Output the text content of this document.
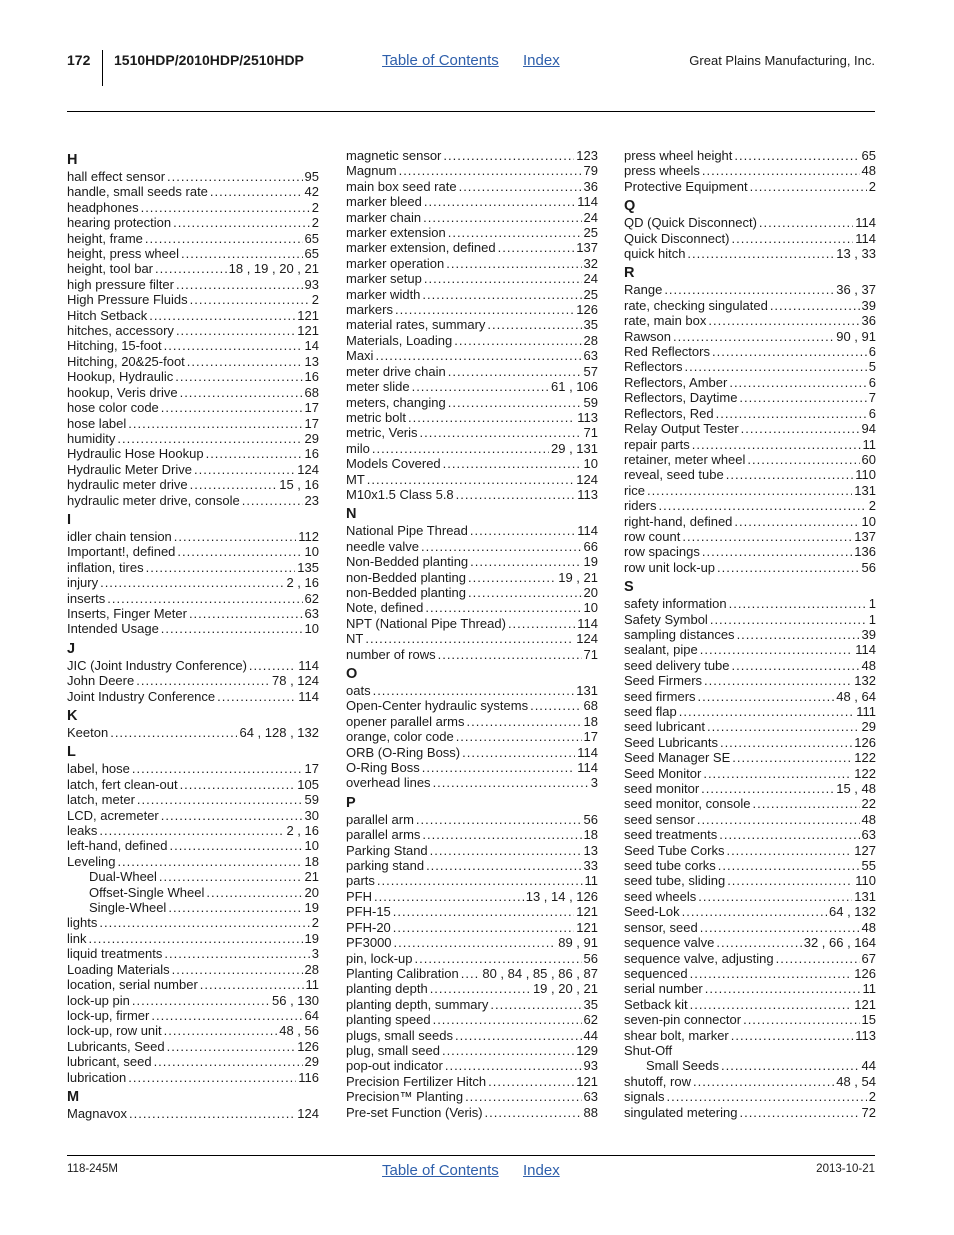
172 1510HDP/2010HDP/2510HDP	Table of Contents Index	Great Plains Manufacturing, Inc.
H
hall effect sensor .....	95
handle, small seeds rate .....	42
headphones .....	2
hearing protection .....	2
height, frame .....	65
height, press wheel .....	65
height, tool bar .....	18 , 19 , 20 , 21
high pressure filter .....	93
High Pressure Fluids .....	2
Hitch Setback .....	121
hitches, accessory .....	121
Hitching, 15-foot .....	14
Hitching, 20&25-foot .....	13
Hookup, Hydraulic .....	16
hookup, Veris drive .....	68
hose color code .....	17
hose label .....	17
humidity .....	29
Hydraulic Hose Hookup .....	16
Hydraulic Meter Drive .....	124
hydraulic meter drive .....	15 , 16
hydraulic meter drive, console .....	23
I
idler chain tension .....	112
Important!, defined .....	10
inflation, tires .....	135
injury .....	2 , 16
inserts .....	62
Inserts, Finger Meter .....	63
Intended Usage .....	10
J
JIC (Joint Industry Conference) .....	114
John Deere .....	78 , 124
Joint Industry Conference .....	114
K
Keeton .....	64 , 128 , 132
L
label, hose .....	17
latch, fert clean-out .....	105
latch, meter .....	59
LCD, acremeter .....	30
leaks .....	2 , 16
left-hand, defined .....	10
Leveling .....	18
Dual-Wheel .....	21
Offset-Single Wheel .....	20
Single-Wheel .....	19
lights .....	2
link .....	19
liquid treatments .....	3
Loading Materials .....	28
location, serial number .....	11
lock-up pin .....	56 , 130
lock-up, firmer .....	64
lock-up, row unit .....	48 , 56
Lubricants, Seed .....	126
lubricant, seed .....	29
lubrication .....	116
M
Magnavox .....	124
magnetic sensor .....	123
Magnum .....	79
main box seed rate .....	36
marker bleed .....	114
marker chain .....	24
marker extension .....	25
marker extension, defined .....	137
marker operation .....	32
marker setup .....	24
marker width .....	25
markers .....	126
material rates, summary .....	35
Materials, Loading .....	28
Maxi .....	63
meter drive chain .....	57
meter slide .....	61 , 106
meters, changing .....	59
metric bolt .....	113
metric, Veris .....	71
milo .....	29 , 131
Models Covered .....	10
MT .....	124
M10x1.5 Class 5.8 .....	113
N
National Pipe Thread .....	114
needle valve .....	66
Non-Bedded planting .....	19
non-Bedded planting .....	19 , 21
non-Bedded planting .....	20
Note, defined .....	10
NPT (National Pipe Thread) .....	114
NT .....	124
number of rows .....	71
O
oats .....	131
Open-Center hydraulic systems .....	68
opener parallel arms .....	18
orange, color code .....	17
ORB (O-Ring Boss) .....	114
O-Ring Boss .....	114
overhead lines .....	3
P
parallel arm .....	56
parallel arms .....	18
Parking Stand .....	13
parking stand .....	33
parts .....	11
PFH .....	13 , 14 , 126
PFH-15 .....	121
PFH-20 .....	121
PF3000 .....	89 , 91
pin, lock-up .....	56
Planting Calibration ..... 80 , 84 , 85 , 86 , 87
planting depth .....	19 , 20 , 21
planting depth, summary .....	35
planting speed .....	62
plugs, small seeds .....	44
plug, small seed .....	129
pop-out indicator .....	93
Precision Fertilizer Hitch .....	121
Precision™ Planting .....	63
Pre-set Function (Veris) .....	88
press wheel height .....	65
press wheels .....	48
Protective Equipment .....	2
Q
QD (Quick Disconnect) .....	114
Quick Disconnect) .....	114
quick hitch .....	13 , 33
R
Range .....	36 , 37
rate, checking singulated .....	39
rate, main box .....	36
Rawson .....	90 , 91
Red Reflectors .....	6
Reflectors .....	5
Reflectors, Amber .....	6
Reflectors, Daytime .....	7
Reflectors, Red .....	6
Relay Output Tester .....	94
repair parts .....	11
retainer, meter wheel .....	60
reveal, seed tube .....	110
rice .....	131
riders .....	2
right-hand, defined .....	10
row count .....	137
row spacings .....	136
row unit lock-up .....	56
S
safety information .....	1
Safety Symbol .....	1
sampling distances .....	39
sealant, pipe .....	114
seed delivery tube .....	48
Seed Firmers .....	132
seed firmers .....	48 , 64
seed flap .....	111
seed lubricant .....	29
Seed Lubricants .....	126
Seed Manager SE .....	122
Seed Monitor .....	122
seed monitor .....	15 , 48
seed monitor, console .....	22
seed sensor .....	48
seed treatments .....	63
Seed Tube Corks .....	127
seed tube corks .....	55
seed tube, sliding .....	110
seed wheels .....	131
Seed-Lok .....	64 , 132
sensor, seed .....	48
sequence valve .....	32 , 66 , 164
sequence valve, adjusting .....	67
sequenced .....	126
serial number .....	11
Setback kit .....	121
seven-pin connector .....	15
shear bolt, marker .....	113
Shut-Off
Small Seeds .....	44
shutoff, row .....	48 , 54
signals .....	2
singulated metering .....	72
118-245M	Table of Contents Index	2013-10-21
